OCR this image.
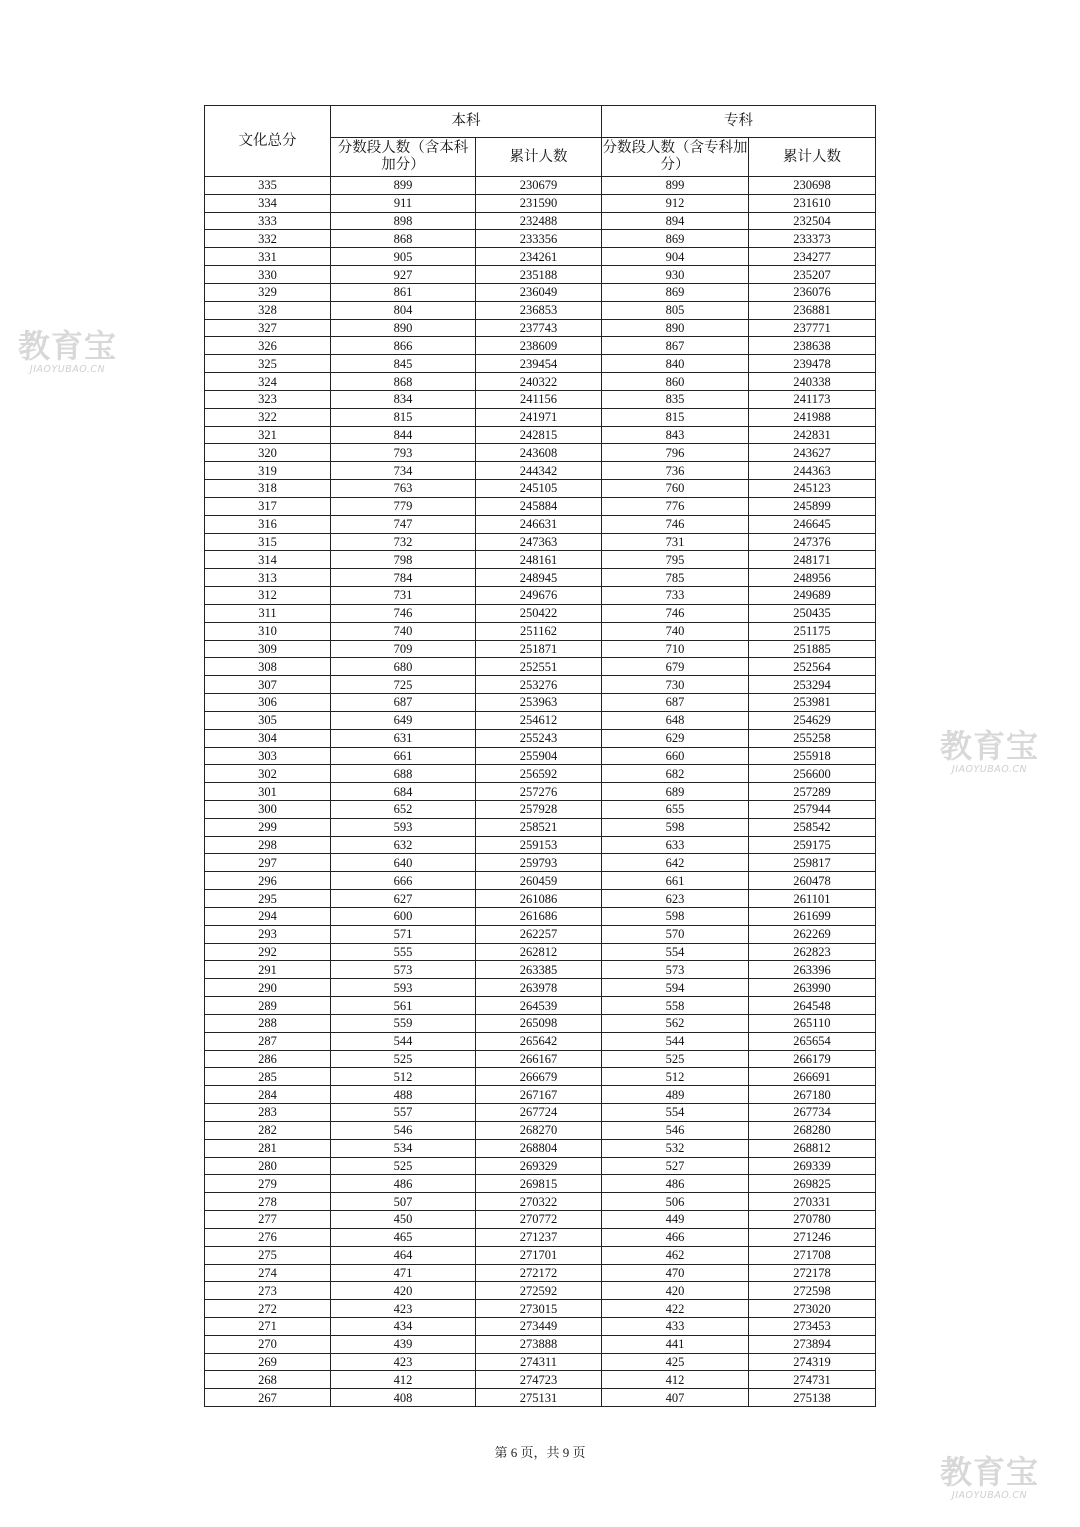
文化总分	本科		专科	
	分数段人数（含本科加分）	累计人数	分数段人数（含专科加分）	累计人数
335	899	230679	899	230698
334	911	231590	912	231610
333	898	232488	894	232504
332	868	233356	869	233373
331	905	234261	904	234277
330	927	235188	930	235207
329	861	236049	869	236076
328	804	236853	805	236881
327	890	237743	890	237771
326	866	238609	867	238638
325	845	239454	840	239478
324	868	240322	860	240338
323	834	241156	835	241173
322	815	241971	815	241988
321	844	242815	843	242831
320	793	243608	796	243627
319	734	244342	736	244363
318	763	245105	760	245123
317	779	245884	776	245899
316	747	246631	746	246645
315	732	247363	731	247376
314	798	248161	795	248171
313	784	248945	785	248956
312	731	249676	733	249689
311	746	250422	746	250435
310	740	251162	740	251175
309	709	251871	710	251885
308	680	252551	679	252564
307	725	253276	730	253294
306	687	253963	687	253981
305	649	254612	648	254629
304	631	255243	629	255258
303	661	255904	660	255918
302	688	256592	682	256600
301	684	257276	689	257289
300	652	257928	655	257944
299	593	258521	598	258542
298	632	259153	633	259175
297	640	259793	642	259817
296	666	260459	661	260478
295	627	261086	623	261101
294	600	261686	598	261699
293	571	262257	570	262269
292	555	262812	554	262823
291	573	263385	573	263396
290	593	263978	594	263990
289	561	264539	558	264548
288	559	265098	562	265110
287	544	265642	544	265654
286	525	266167	525	266179
285	512	266679	512	266691
284	488	267167	489	267180
283	557	267724	554	267734
282	546	268270	546	268280
281	534	268804	532	268812
280	525	269329	527	269339
279	486	269815	486	269825
278	507	270322	506	270331
277	450	270772	449	270780
276	465	271237	466	271246
275	464	271701	462	271708
274	471	272172	470	272178
273	420	272592	420	272598
272	423	273015	422	273020
271	434	273449	433	273453
270	439	273888	441	273894
269	423	274311	425	274319
268	412	274723	412	274731
267	408	275131	407	275138
第 6 页，共 9 页
教育宝
JIAOYUBAO.CN
教育宝
JIAOYUBAO.CN
教育宝
JIAOYUBAO.CN
